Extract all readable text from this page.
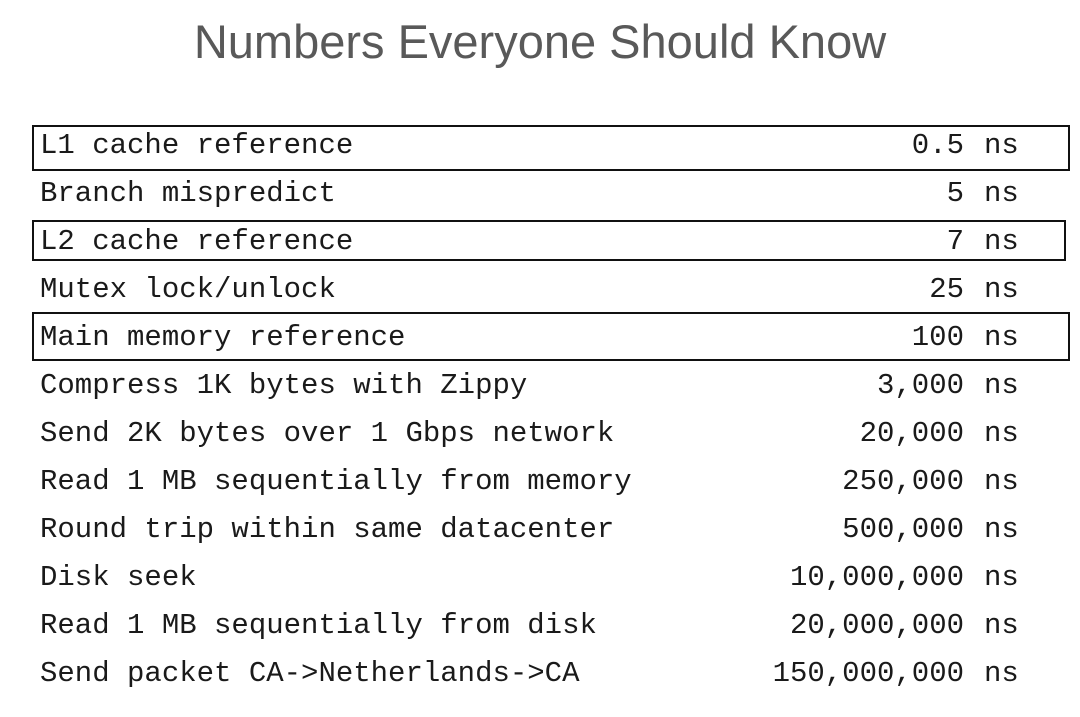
Numbers Everyone Should Know
L1 cache reference	0.5 ns
Branch mispredict	5 ns
L2 cache reference	7 ns
Mutex lock/unlock	25 ns
Main memory reference	100 ns
Compress 1K bytes with Zippy	3,000 ns
Send 2K bytes over 1 Gbps network	20,000 ns
Read 1 MB sequentially from memory	250,000 ns
Round trip within same datacenter	500,000 ns
Disk seek	10,000,000 ns
Read 1 MB sequentially from disk	20,000,000 ns
Send packet CA->Netherlands->CA	150,000,000 ns
